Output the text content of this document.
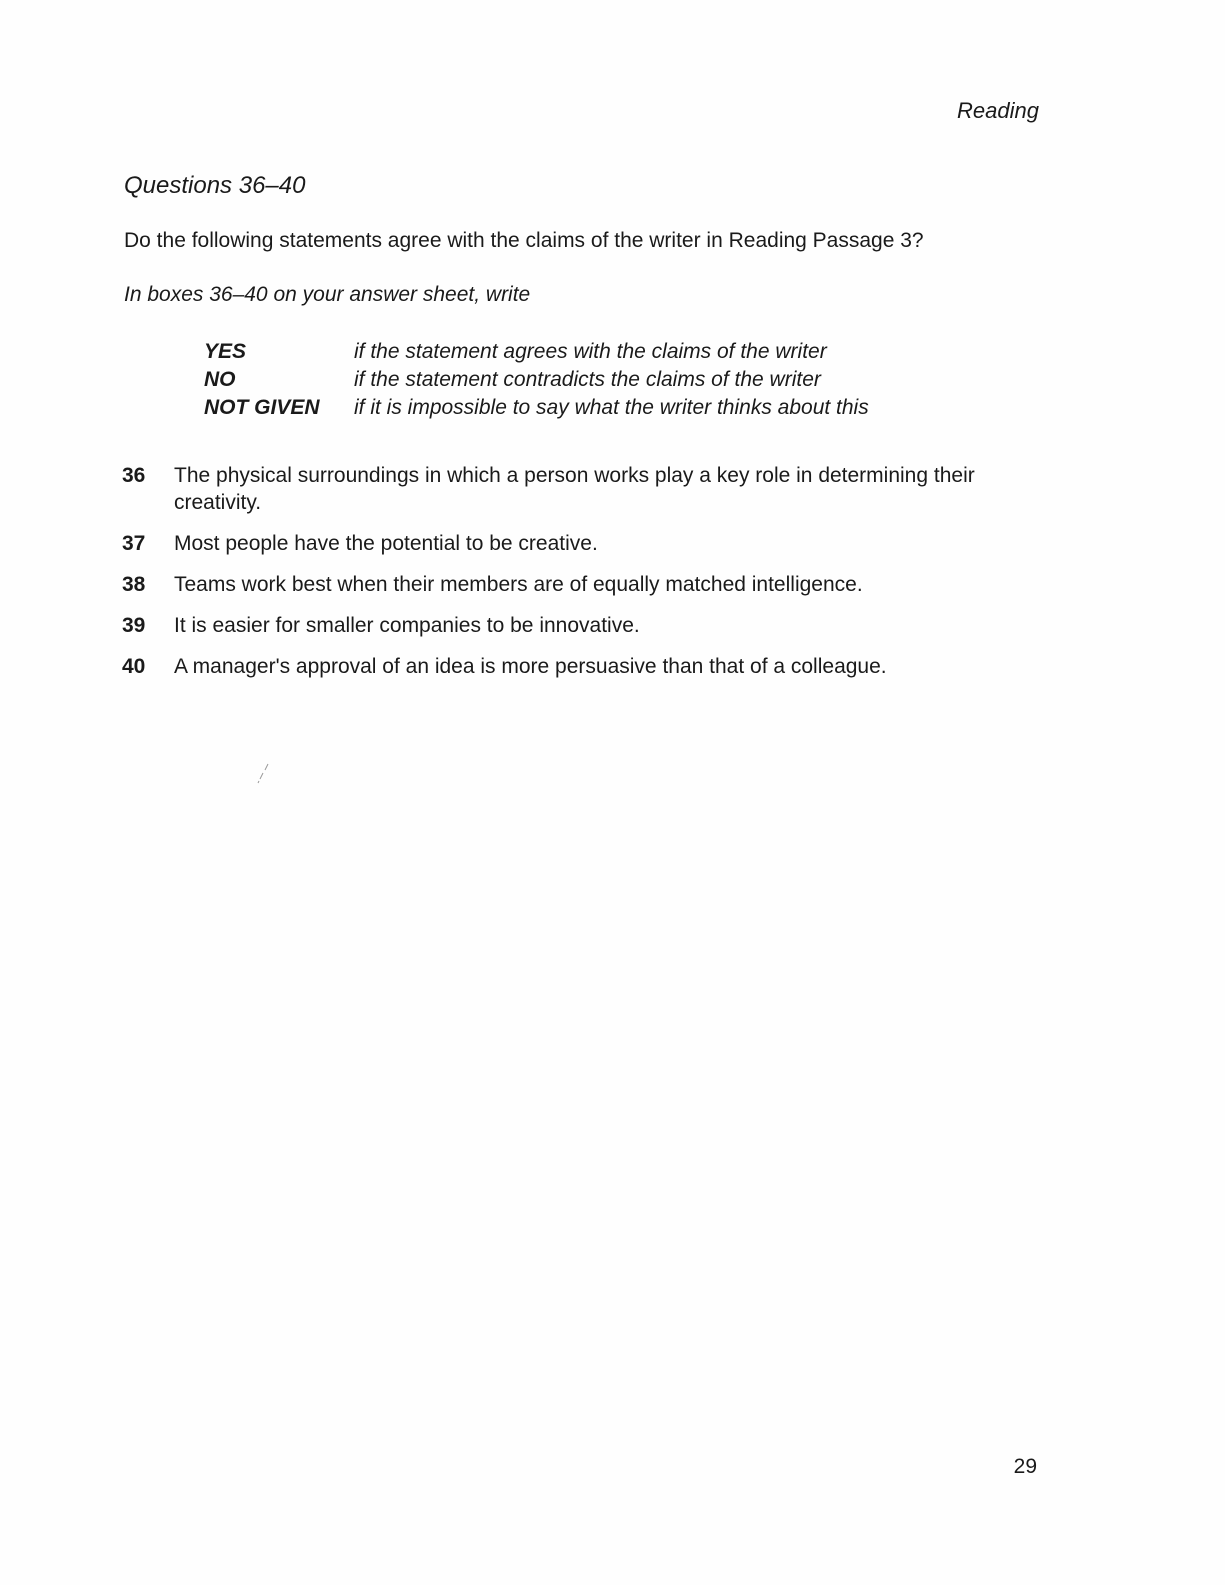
Reading
Questions 36–40
Do the following statements agree with the claims of the writer in Reading Passage 3?
In boxes 36–40 on your answer sheet, write
YES	if the statement agrees with the claims of the writer
NO	if the statement contradicts the claims of the writer
NOT GIVEN	if it is impossible to say what the writer thinks about this
36	The physical surroundings in which a person works play a key role in determining their creativity.
37	Most people have the potential to be creative.
38	Teams work best when their members are of equally matched intelligence.
39	It is easier for smaller companies to be innovative.
40	A manager's approval of an idea is more persuasive than that of a colleague.
29
